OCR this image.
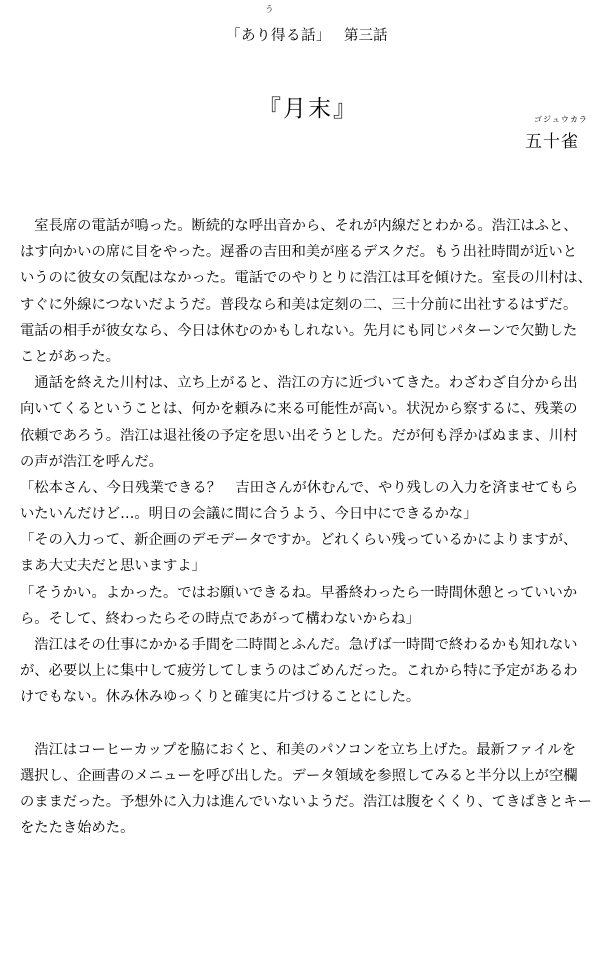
う
「あり得る話」 第三話
『月末』	ゴジュウカラ
五十雀
　室長席の電話が鳴った。断続的な呼出音から、それが内線だとわかる。浩江はふと、
はす向かいの席に目をやった。遅番の吉田和美が座るデスクだ。もう出社時間が近いと
いうのに彼女の気配はなかった。電話でのやりとりに浩江は耳を傾けた。室長の川村は、
すぐに外線につないだようだ。普段なら和美は定刻の二、三十分前に出社するはずだ。
電話の相手が彼女なら、今日は休むのかもしれない。先月にも同じパターンで欠勤した
ことがあった。
　通話を終えた川村は、立ち上がると、浩江の方に近づいてきた。わざわざ自分から出
向いてくるということは、何かを頼みに来る可能性が高い。状況から察するに、残業の
依頼であろう。浩江は退社後の予定を思い出そうとした。だが何も浮かばぬまま、川村
の声が浩江を呼んだ。
「松本さん、今日残業できる？　吉田さんが休むんで、やり残しの入力を済ませてもら
いたいんだけど…。明日の会議に間に合うよう、今日中にできるかな」
「その入力って、新企画のデモデータですか。どれくらい残っているかによりますが、
まあ大丈夫だと思いますよ」
「そうかい。よかった。ではお願いできるね。早番終わったら一時間休憩とっていいか
ら。そして、終わったらその時点であがって構わないからね」
　浩江はその仕事にかかる手間を二時間とふんだ。急げば一時間で終わるかも知れない
が、必要以上に集中して疲労してしまうのはごめんだった。これから特に予定があるわ
けでもない。休み休みゆっくりと確実に片づけることにした。
　浩江はコーヒーカップを脇におくと、和美のパソコンを立ち上げた。最新ファイルを
選択し、企画書のメニューを呼び出した。データ領域を参照してみると半分以上が空欄
のままだった。予想外に入力は進んでいないようだ。浩江は腹をくくり、てきぱきとキー
をたたき始めた。
